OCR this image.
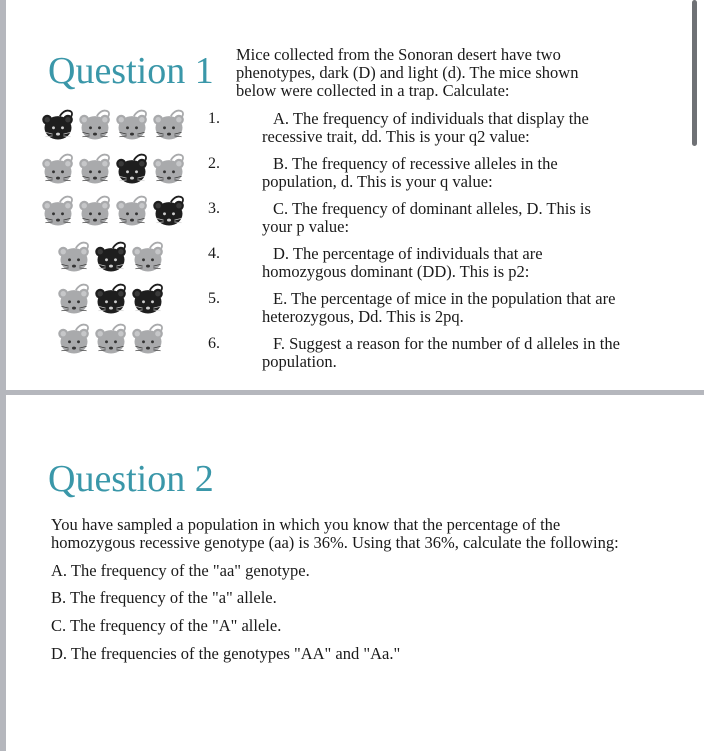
Question 1 Mice collected from the Sonoran desert have two
phenotypes, dark (D) and light (d). The mice shown
below were collected in a trap. Calculate:
1.
2.
3.
4.
5.
6.
A. The frequency of individuals that display the
recessive trait, dd. This is your q2 value:
B. The frequency of recessive alleles in the
population, d. This is your q value:
C. The frequency of dominant alleles, D. This is
your p value:
D. The percentage of individuals that are
homozygous dominant (DD). This is p2:
E. The percentage of mice in the population that are
heterozygous, Dd. This is 2pq.
F. Suggest a reason for the number of d alleles in the
population.
Question 2
You have sampled a population in which you know that the percentage of the
homozygous recessive genotype (aa) is 36%. Using that 36%, calculate the following:
A. The frequency of the "aa" genotype.
B. The frequency of the "a" allele.
C. The frequency of the "A" allele.
D. The frequencies of the genotypes "AA" and "Aa."
